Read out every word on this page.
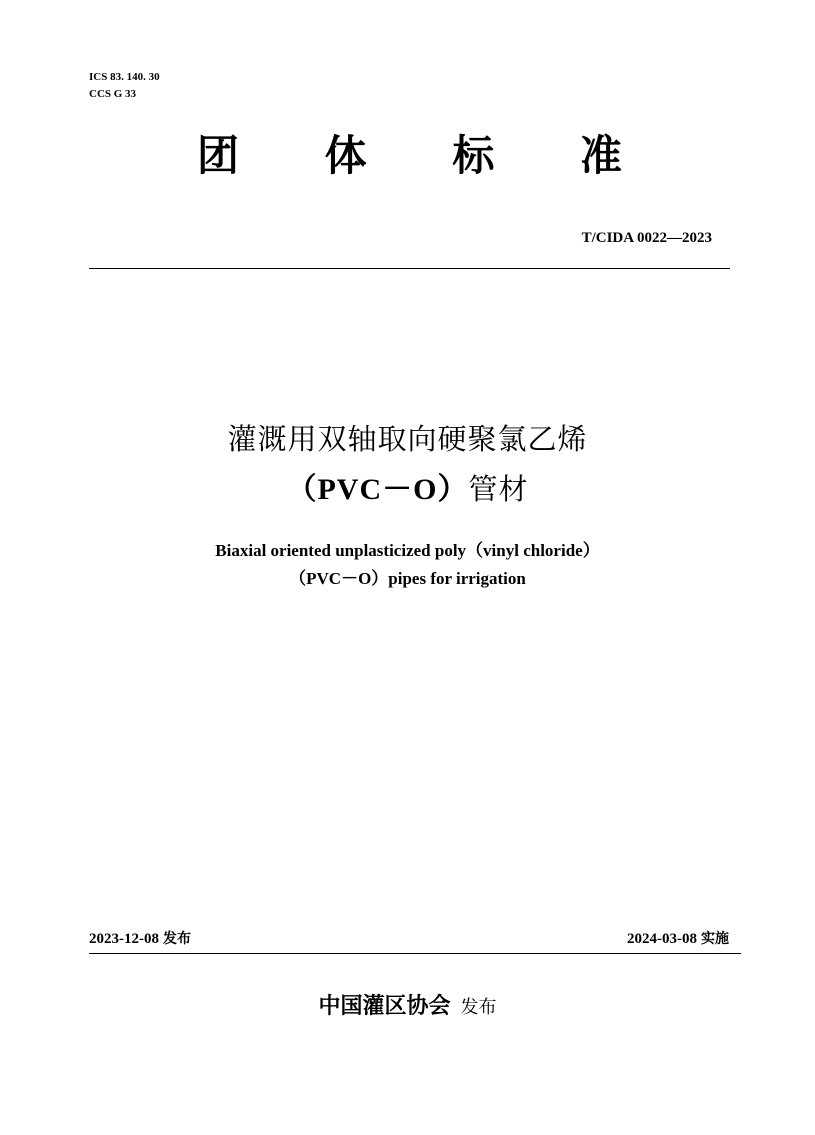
ICS 83. 140. 30
CCS G 33
团 体 标 准
T/CIDA 0022—2023
灌溉用双轴取向硬聚氯乙烯
（PVC－O）管材
Biaxial oriented unplasticized poly（vinyl chloride）
（PVC－O）pipes for irrigation
2023-12-08 发布	2024-03-08 实施
中国灌区协会 发布
